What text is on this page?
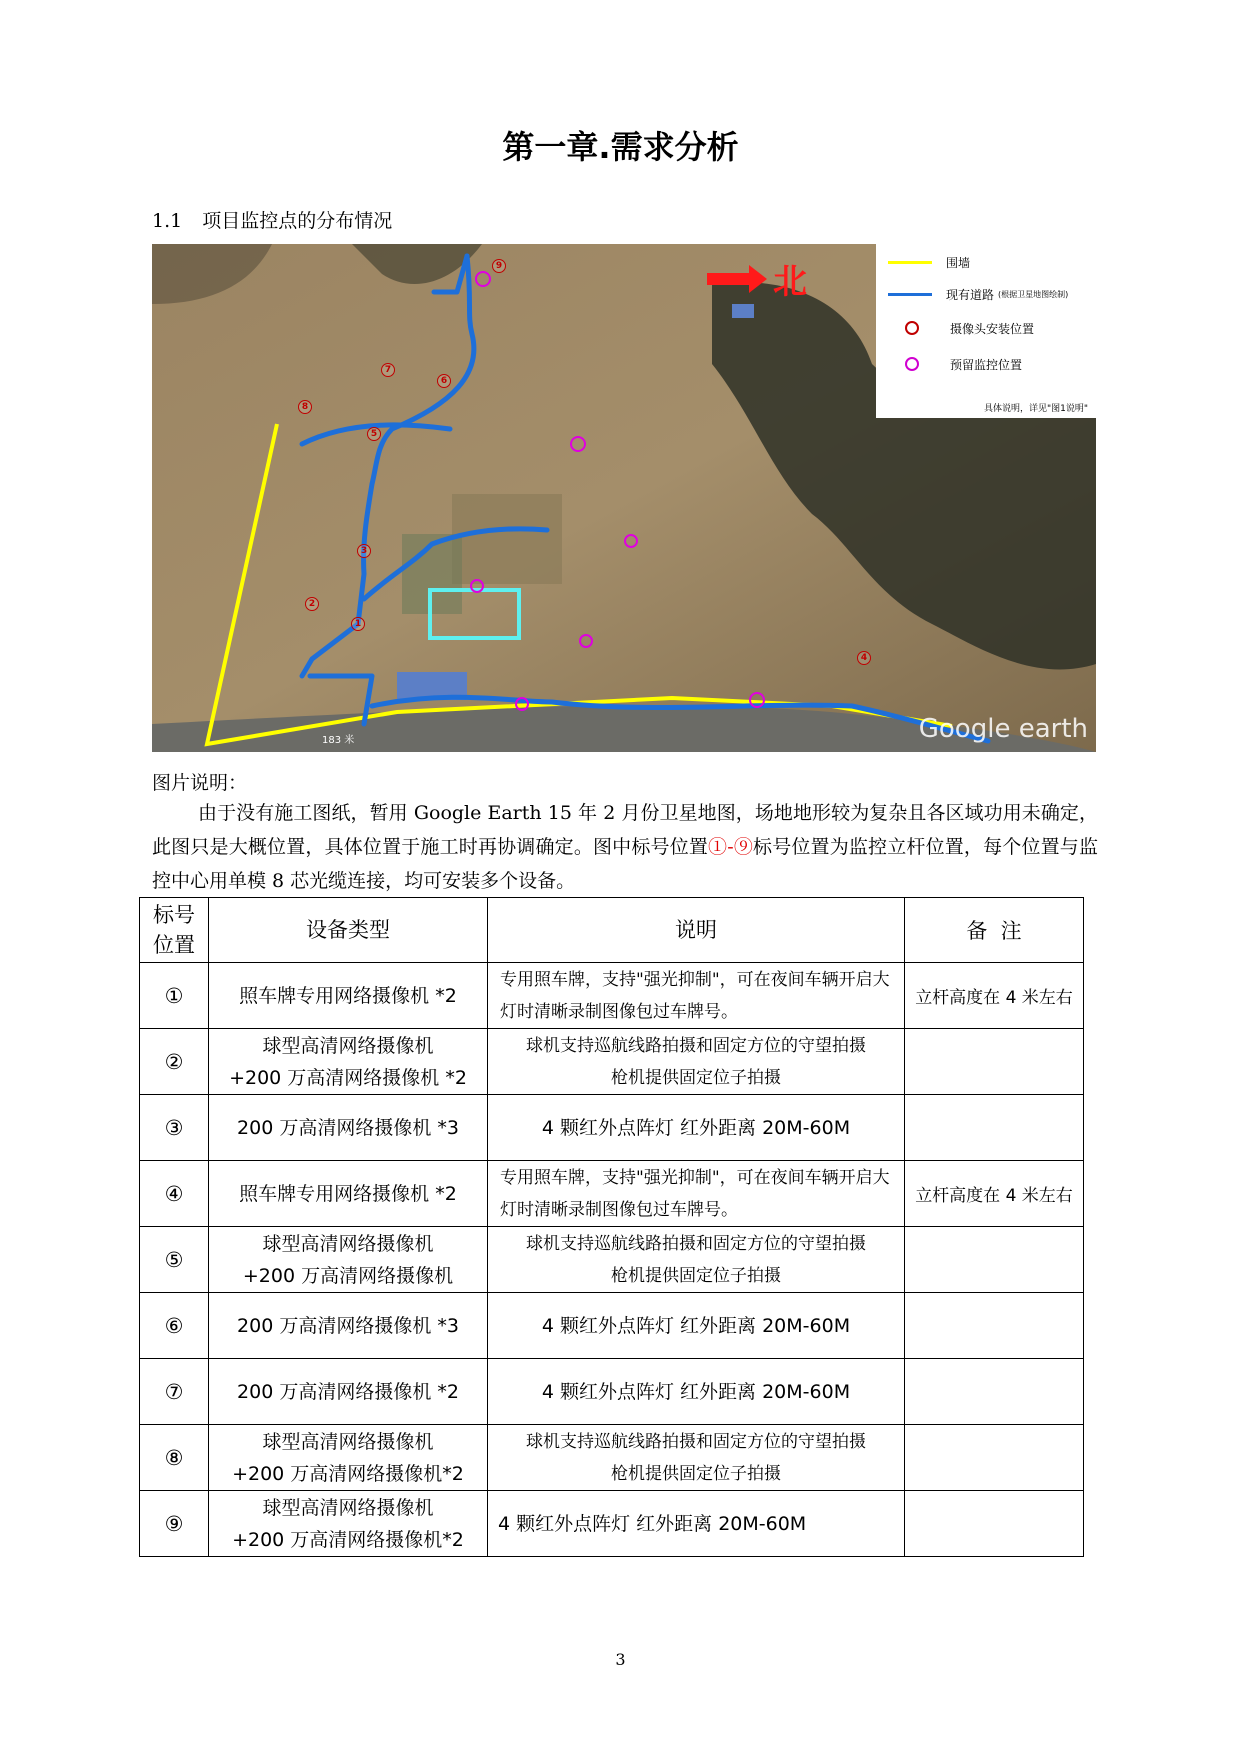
第一章.需求分析
1.1 项目监控点的分布情况
北
1
2
3
4
5
6
7
8
9	围墙
现有道路 (根据卫星地图绘制)
摄像头安装位置
预留监控位置
具体说明，详见"图1说明"
183 米	Google earth
图片说明：
由于没有施工图纸，暂用 Google Earth 15 年 2 月份卫星地图，场地地形较为复杂且各区域功用未确定，此图只是大概位置，具体位置于施工时再协调确定。图中标号位置①-⑨标号位置为监控立杆位置，每个位置与监控中心用单模 8 芯光缆连接，均可安装多个设备。
标号
位置	设备类型	说明	备  注
①	照车牌专用网络摄像机 *2	专用照车牌，支持"强光抑制"，可在夜间车辆开启大灯时清晰录制图像包过车牌号。	立杆高度在 4 米左右
②	球型高清网络摄像机
+200 万高清网络摄像机 *2	球机支持巡航线路拍摄和固定方位的守望拍摄
枪机提供固定位子拍摄	
③	200 万高清网络摄像机 *3	4 颗红外点阵灯 红外距离 20M-60M	
④	照车牌专用网络摄像机 *2	专用照车牌，支持"强光抑制"，可在夜间车辆开启大灯时清晰录制图像包过车牌号。	立杆高度在 4 米左右
⑤	球型高清网络摄像机
+200 万高清网络摄像机	球机支持巡航线路拍摄和固定方位的守望拍摄
枪机提供固定位子拍摄	
⑥	200 万高清网络摄像机 *3	4 颗红外点阵灯 红外距离 20M-60M	
⑦	200 万高清网络摄像机 *2	4 颗红外点阵灯 红外距离 20M-60M	
⑧	球型高清网络摄像机
+200 万高清网络摄像机*2	球机支持巡航线路拍摄和固定方位的守望拍摄
枪机提供固定位子拍摄	
⑨	球型高清网络摄像机
+200 万高清网络摄像机*2	4 颗红外点阵灯 红外距离 20M-60M	
3
